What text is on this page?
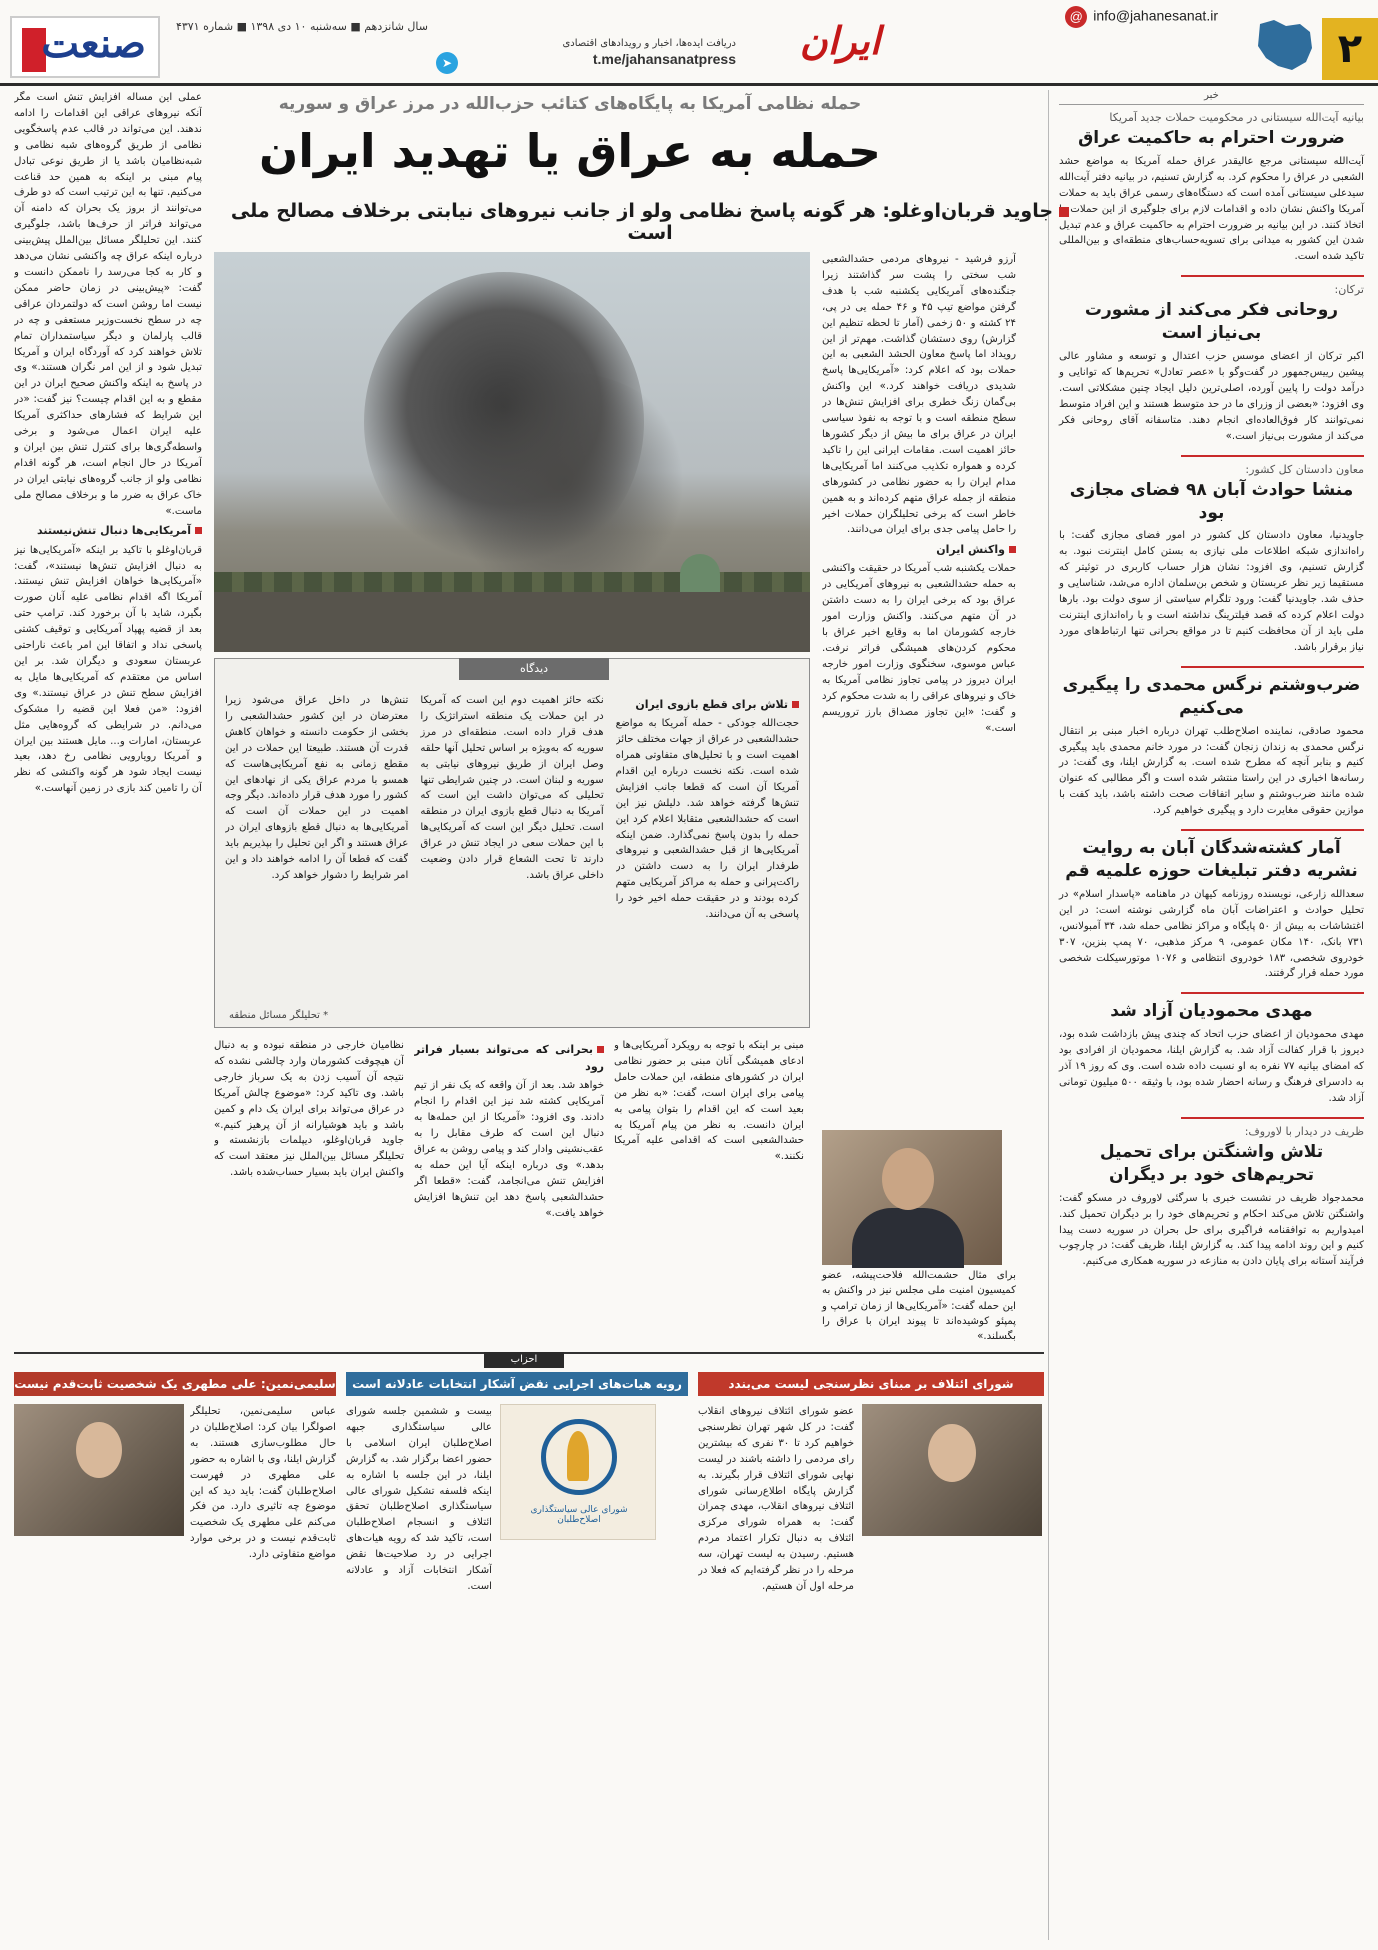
۲
@ info@jahanesanat.ir
ایران
➤
دریافت ایده‌ها، اخبار و رویدادهای اقتصادی
t.me/jahansanatpress
سال شانزدهم ■ سه‌شنبه ۱۰ دی ۱۳۹۸ ■ شماره ۴۳۷۱
صنعت
خبر
بیانیه آیت‌الله سیستانی در محکومیت حملات جدید آمریکا
ضرورت احترام به حاکمیت عراق
آیت‌الله سیستانی مرجع عالیقدر عراق حمله آمریکا به مواضع حشد الشعبی در عراق را محکوم کرد. به گزارش تسنیم، در بیانیه دفتر آیت‌الله سیدعلی سیستانی آمده است که دستگاه‌های رسمی عراق باید به حملات آمریکا واکنش نشان داده و اقدامات لازم برای جلوگیری از این حملات را اتخاذ کنند. در این بیانیه بر ضرورت احترام به حاکمیت عراق و عدم تبدیل شدن این کشور به میدانی برای تسویه‌حساب‌های منطقه‌ای و بین‌المللی تاکید شده است.
ترکان:
روحانی فکر می‌کند از مشورت بی‌نیاز است
اکبر ترکان از اعضای موسس حزب اعتدال و توسعه و مشاور عالی پیشین رییس‌جمهور در گفت‌وگو با «عصر تعادل» تحریم‌ها که توانایی و درآمد دولت را پایین آورده، اصلی‌ترین دلیل ایجاد چنین مشکلاتی است. وی افزود: «بعضی از وزرای ما در حد متوسط هستند و این افراد متوسط نمی‌توانند کار فوق‌العاده‌ای انجام دهند. متاسفانه آقای روحانی فکر می‌کند از مشورت بی‌نیاز است.»
معاون دادستان کل کشور:
منشا حوادث آبان ۹۸ فضای مجازی بود
جاویدنیا، معاون دادستان کل کشور در امور فضای مجازی گفت: با راه‌اندازی شبکه اطلاعات ملی نیازی به بستن کامل اینترنت نبود. به گزارش تسنیم، وی افزود: نشان هزار حساب کاربری در توئیتر که مستقیما زیر نظر عربستان و شخص بن‌سلمان اداره می‌شد، شناسایی و حذف شد. جاویدنیا گفت: ورود تلگرام سیاستی از سوی دولت بود. بارها دولت اعلام کرده که قصد فیلترینگ نداشته است و با راه‌اندازی اینترنت ملی باید از آن محافظت کنیم تا در مواقع بحرانی تنها ارتباط‌های مورد نیاز برقرار باشد.
ضرب‌وشتم نرگس محمدی را پیگیری می‌کنیم
محمود صادقی، نماینده اصلاح‌طلب تهران درباره اخبار مبنی بر انتقال نرگس محمدی به زندان زنجان گفت: در مورد خانم محمدی باید پیگیری کنیم و بنابر آنچه که مطرح شده است. به گزارش ایلنا، وی گفت: در رسانه‌ها اخباری در این راستا منتشر شده است و اگر مطالبی که عنوان شده مانند ضرب‌وشتم و سایر اتفاقات صحت داشته باشد، باید کفت با موازین حقوقی مغایرت دارد و پیگیری خواهیم کرد.
آمار کشته‌شدگان آبان به روایت نشریه دفتر تبلیغات حوزه علمیه قم
سعدالله زارعی، نویسنده روزنامه کیهان در ماهنامه «پاسدار اسلام» در تحلیل حوادث و اعتراضات آبان ماه گزارشی نوشته است: در این اغتشاشات به بیش از ۵۰ پایگاه و مراکز نظامی حمله شد، ۳۴ آمبولانس، ۷۳۱ بانک، ۱۴۰ مکان عمومی، ۹ مرکز مذهبی، ۷۰ پمپ بنزین، ۳۰۷ خودروی شخصی، ۱۸۳ خودروی انتظامی و ۱۰۷۶ موتورسیکلت شخصی مورد حمله قرار گرفتند.
مهدی محمودیان آزاد شد
مهدی محمودیان از اعضای حزب اتحاد که چندی پیش بازداشت شده بود، دیروز با قرار کفالت آزاد شد. به گزارش ایلنا، محمودیان از افرادی بود که امضای بیانیه ۷۷ نفره به او نسبت داده شده است. وی که روز ۱۹ آذر به دادسرای فرهنگ و رسانه احضار شده بود، با وثیقه ۵۰۰ میلیون تومانی آزاد شد.
ظریف در دیدار با لاوروف:
تلاش واشنگتن برای تحمیل تحریم‌های خود بر دیگران
محمدجواد ظریف در نشست خبری با سرگئی لاوروف در مسکو گفت: واشنگتن تلاش می‌کند احکام و تحریم‌های خود را بر دیگران تحمیل کند. امیدواریم به توافقنامه فراگیری برای حل بحران در سوریه دست پیدا کنیم و این روند ادامه پیدا کند. به گزارش ایلنا، ظریف گفت: در چارچوب فرآیند آستانه برای پایان دادن به منازعه در سوریه همکاری می‌کنیم.
حمله نظامی آمریکا به پایگاه‌های کتائب حزب‌الله در مرز عراق و سوریه
حمله به عراق یا تهدید ایران
جاوید قربان‌اوغلو: هر گونه پاسخ نظامی ولو از جانب نیروهای نیابتی برخلاف مصالح ملی است

آرزو فرشید - نیروهای مردمی حشدالشعبی شب سختی را پشت سر گذاشتند زیرا جنگنده‌های آمریکایی یکشنبه شب با هدف گرفتن مواضع تیپ ۴۵ و ۴۶ حمله یی در پی، ۲۴ کشته و ۵۰ زخمی (آمار تا لحظه تنظیم این گزارش) روی دستشان گذاشت. مهم‌تر از این رویداد اما پاسخ معاون الحشد الشعبی به این حملات بود که اعلام کرد: «آمریکایی‌ها پاسخ شدیدی دریافت خواهند کرد.» این واکنش بی‌گمان زنگ خطری برای افزایش تنش‌ها در سطح منطقه است و با توجه به نفوذ سیاسی ایران در عراق برای ما بیش از دیگر کشورها حائز اهمیت است. مقامات ایرانی این را تاکید کرده و همواره تکذیب می‌کنند اما آمریکایی‌ها مدام ایران را به حضور نظامی در کشورهای منطقه از جمله عراق متهم کرده‌اند و به همین خاطر است که برخی تحلیلگران حملات اخیر را حامل پیامی جدی برای ایران می‌دانند.

واکنش ایران

حملات یکشنبه شب آمریکا در حقیقت واکنشی به حمله حشدالشعبی به نیروهای آمریکایی در عراق بود که برخی ایران را به دست داشتن در آن متهم می‌کنند. واکنش وزارت امور خارجه کشورمان اما به وقایع اخیر عراق با محکوم کردن‌های همیشگی فراتر نرفت. عباس موسوی، سخنگوی وزارت امور خارجه ایران دیروز در پیامی تجاوز نظامی آمریکا به خاک و نیروهای عراقی را به شدت محکوم کرد و گفت: «این تجاوز مصداق بارز تروریسم است.»

عملی این مساله افزایش تنش است مگر آنکه نیروهای عراقی این اقدامات را ادامه ندهند. این می‌تواند در قالب عدم پاسخگویی نظامی از طریق گروه‌های شبه نظامی و شبه‌نظامیان باشد یا از طریق نوعی تبادل پیام مبنی بر اینکه به همین حد قناعت می‌کنیم. تنها به این ترتیب است که دو طرف می‌توانند از بروز یک بحران که دامنه آن می‌تواند فراتر از حرف‌ها باشد، جلوگیری کنند. این تحلیلگر مسائل بین‌الملل پیش‌بینی درباره اینکه عراق چه واکنشی نشان می‌دهد و کار به کجا می‌رسد را ناممکن دانست و گفت: «پیش‌بینی در زمان حاضر ممکن نیست اما روشن است که دولتمردان عراقی چه در سطح نخست‌وزیر مستعفی و چه در قالب پارلمان و دیگر سیاستمداران تمام تلاش خواهند کرد که آوردگاه ایران و آمریکا تبدیل شود و از این امر نگران هستند.» وی در پاسخ به اینکه واکنش صحیح ایران در این مقطع و به این اقدام چیست؟ نیز گفت: «در این شرایط که فشارهای حداکثری آمریکا علیه ایران اعمال می‌شود و برخی واسطه‌گری‌ها برای کنترل تنش بین ایران و آمریکا در حال انجام است، هر گونه اقدام نظامی ولو از جانب گروه‌های نیابتی ایران در خاک عراق به ضرر ما و برخلاف مصالح ملی ماست.»

آمریکایی‌ها دنبال تنش‌نیستند

قربان‌اوغلو با تاکید بر اینکه «آمریکایی‌ها نیز به دنبال افزایش تنش‌ها نیستند»، گفت: «آمریکایی‌ها خواهان افزایش تنش نیستند. آمریکا اگه اقدام نظامی علیه آنان صورت بگیرد، شاید با آن برخورد کند. ترامپ حتی بعد از قضیه پهپاد آمریکایی و توقیف کشتی پاسخی نداد و اتفاقا این امر باعث ناراحتی عربستان سعودی و دیگران شد. بر این اساس من معتقدم که آمریکایی‌ها مایل به افزایش سطح تنش در عراق نیستند.» وی افزود: «من فعلا این قضیه را مشکوک می‌دانم. در شرایطی که گروه‌هایی مثل عربستان، امارات و... مایل هستند بین ایران و آمریکا رویارویی نظامی رخ دهد، بعید نیست ایجاد شود هر گونه واکنشی که نظر آن را تامین کند بازی در زمین آنهاست.»

دیدگاه
تلاش برای قطع بازوی ایران

حجت‌الله جودکی - حمله آمریکا به مواضع حشدالشعبی در عراق از جهات مختلف حائز اهمیت است و با تحلیل‌های متفاوتی همراه شده است. نکته نخست درباره این اقدام آمریکا آن است که قطعا جانب افزایش تنش‌ها گرفته خواهد شد. دلیلش نیز این است که حشدالشعبی متقابلا اعلام کرد این حمله را بدون پاسخ نمی‌گذارد. ضمن اینکه آمریکایی‌ها از قبل حشدالشعبی و نیروهای طرفدار ایران را به دست داشتن در راکت‌پرانی و حمله به مراکز آمریکایی متهم کرده بودند و در حقیقت حمله اخیر خود را پاسخی به آن می‌دانند.

نکته حائز اهمیت دوم این است که آمریکا در این حملات یک منطقه استراتژیک را هدف قرار داده است. منطقه‌ای در مرز سوریه که به‌ویژه بر اساس تحلیل آنها حلقه وصل ایران از طریق نیروهای نیابتی به سوریه و لبنان است. در چنین شرایطی تنها تحلیلی که می‌توان داشت این است که آمریکا به دنبال قطع بازوی ایران در منطقه است. تحلیل دیگر این است که آمریکایی‌ها با این حملات سعی در ایجاد تنش در عراق دارند تا تحت الشعاع قرار دادن وضعیت داخلی عراق باشد.

تنش‌ها در داخل عراق می‌شود زیرا معترضان در این کشور حشدالشعبی را بخشی از حکومت دانسته و خواهان کاهش قدرت آن هستند. طبیعتا این حملات در این مقطع زمانی به نفع آمریکایی‌هاست که همسو با مردم عراق یکی از نهادهای این کشور را مورد هدف قرار داده‌اند. دیگر وجه اهمیت در این حملات آن است که آمریکایی‌ها به دنبال قطع بازوهای ایران در عراق هستند و اگر این تحلیل را بپذیریم باید گفت که قطعا آن را ادامه خواهند داد و این امر شرایط را دشوار خواهد کرد.

* تحلیلگر مسائل منطقه

مبنی بر اینکه با توجه به رویکرد آمریکایی‌ها و ادعای همیشگی آنان مبنی بر حضور نظامی ایران در کشورهای منطقه، این حملات حامل پیامی برای ایران است، گفت: «به نظر من بعید است که این اقدام را بتوان پیامی به ایران دانست. به نظر من پیام آمریکا به حشدالشعبی است که اقدامی علیه آمریکا نکنند.»

بحرانی که می‌تواند بسیار فراتر رود

خواهد شد. بعد از آن واقعه که یک نفر از تیم آمریکایی کشته شد نیز این اقدام را انجام دادند. وی افزود: «آمریکا از این حمله‌ها به دنبال این است که طرف مقابل را به عقب‌نشینی وادار کند و پیامی روشن به عراق بدهد.» وی درباره اینکه آیا این حمله به افزایش تنش می‌انجامد، گفت: «قطعا اگر حشدالشعبی پاسخ دهد این تنش‌ها افزایش خواهد یافت.»

نظامیان خارجی در منطقه نبوده و به دنبال آن هیچوقت کشورمان وارد چالشی نشده که نتیجه آن آسیب زدن به یک سرباز خارجی باشد. وی تاکید کرد: «موضوع چالش آمریکا در عراق می‌تواند برای ایران یک دام و کمین باشد و باید هوشیارانه از آن پرهیز کنیم.» جاوید قربان‌اوغلو، دیپلمات بازنشسته و تحلیلگر مسائل بین‌الملل نیز معتقد است که واکنش ایران باید بسیار حساب‌شده باشد.

برای مثال حشمت‌الله فلاحت‌پیشه، عضو کمیسیون امنیت ملی مجلس نیز در واکنش به این حمله گفت: «آمریکایی‌ها از زمان ترامپ و پمپئو کوشیده‌اند تا پیوند ایران با عراق را بگسلند.»
احزاب
شورای ائتلاف بر مبنای نظرسنجی لیست می‌بندد
عضو شورای ائتلاف نیروهای انقلاب گفت: در کل شهر تهران نظرسنجی خواهیم کرد تا ۳۰ نفری که بیشترین رای مردمی را داشته باشند در لیست نهایی شورای ائتلاف قرار بگیرند. به گزارش پایگاه اطلاع‌رسانی شورای ائتلاف نیروهای انقلاب، مهدی چمران گفت: به همراه شورای مرکزی ائتلاف به دنبال تکرار اعتماد مردم هستیم. رسیدن به لیست تهران، سه مرحله را در نظر گرفته‌ایم که فعلا در مرحله اول آن هستیم.
رویه هیات‌های اجرایی نقض آشکار انتخابات عادلانه است
شورای عالی سیاستگذاری اصلاح‌طلبان
بیست و ششمین جلسه شورای عالی سیاستگذاری جبهه اصلاح‌طلبان ایران اسلامی با حضور اعضا برگزار شد. به گزارش ایلنا، در این جلسه با اشاره به اینکه فلسفه تشکیل شورای عالی سیاستگذاری اصلاح‌طلبان تحقق ائتلاف و انسجام اصلاح‌طلبان است، تاکید شد که رویه هیات‌های اجرایی در رد صلاحیت‌ها نقض آشکار انتخابات آزاد و عادلانه است.
سلیمی‌نمین: علی مطهری یک شخصیت ثابت‌قدم نیست
عباس سلیمی‌نمین، تحلیلگر اصولگرا بیان کرد: اصلاح‌طلبان در حال مطلوب‌سازی هستند. به گزارش ایلنا، وی با اشاره به حضور علی مطهری در فهرست اصلاح‌طلبان گفت: باید دید که این موضوع چه تاثیری دارد. من فکر می‌کنم علی مطهری یک شخصیت ثابت‌قدم نیست و در برخی موارد مواضع متفاوتی دارد.
